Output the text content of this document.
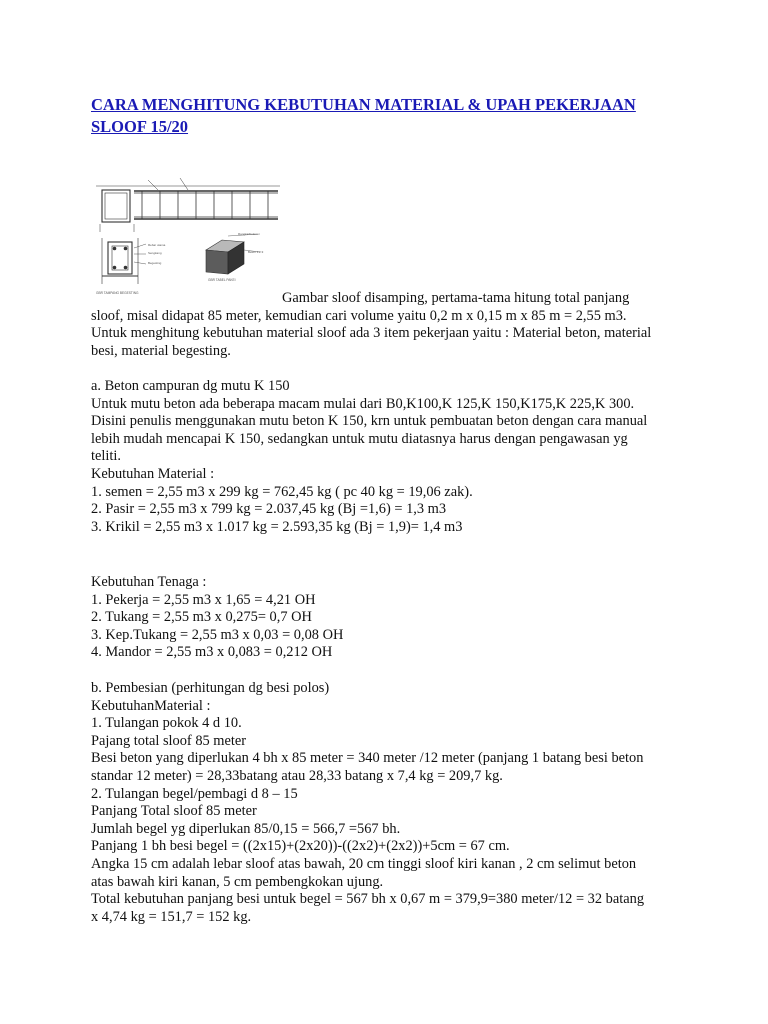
CARA MENGHITUNG KEBUTUHAN MATERIAL & UPAH PEKERJAAN
SLOOF 15/20
Rebar utama
Sengkang
Begesting
GBR TAMPANG BEGESTING
Rangka/Kolom
Beton 1:2:3
GBR TABEL PAKEI

Gambar sloof disamping, pertama-tama hitung total panjang

sloof, misal didapat 85 meter, kemudian cari volume yaitu 0,2 m x 0,15 m x 85 m = 2,55 m3.

Untuk menghitung kebutuhan material sloof ada 3 item pekerjaan yaitu : Material beton, material

besi, material begesting.

a. Beton campuran dg mutu K 150

Untuk mutu beton ada beberapa macam mulai dari B0,K100,K 125,K 150,K175,K 225,K 300.

Disini penulis menggunakan mutu beton K 150, krn untuk pembuatan beton dengan cara manual

lebih mudah mencapai K 150, sedangkan untuk mutu diatasnya harus dengan pengawasan yg

teliti.

Kebutuhan Material :

1. semen = 2,55 m3 x 299 kg = 762,45 kg ( pc 40 kg = 19,06 zak).

2. Pasir = 2,55 m3 x 799 kg = 2.037,45 kg (Bj =1,6) = 1,3 m3

3. Krikil = 2,55 m3 x 1.017 kg = 2.593,35 kg (Bj = 1,9)= 1,4 m3

Kebutuhan Tenaga :

1. Pekerja = 2,55 m3 x 1,65 = 4,21 OH

2. Tukang = 2,55 m3 x 0,275= 0,7 OH

3. Kep.Tukang = 2,55 m3 x 0,03 = 0,08 OH

4. Mandor = 2,55 m3 x 0,083 = 0,212 OH

b. Pembesian (perhitungan dg besi polos)

KebutuhanMaterial :

1. Tulangan pokok 4 d 10.

Pajang total sloof 85 meter

Besi beton yang diperlukan 4 bh x 85 meter = 340 meter /12 meter (panjang 1 batang besi beton

standar 12 meter) = 28,33batang atau 28,33 batang x 7,4 kg = 209,7 kg.

2. Tulangan begel/pembagi d 8 – 15

Panjang Total sloof 85 meter

Jumlah begel yg diperlukan 85/0,15 = 566,7 =567 bh.

Panjang 1 bh besi begel = ((2x15)+(2x20))-((2x2)+(2x2))+5cm = 67 cm.

Angka 15 cm adalah lebar sloof atas bawah, 20 cm tinggi sloof kiri kanan , 2 cm selimut beton

atas bawah kiri kanan, 5 cm pembengkokan ujung.

Total kebutuhan panjang besi untuk begel = 567 bh x 0,67 m = 379,9=380 meter/12 = 32 batang

x 4,74 kg = 151,7 = 152 kg.
